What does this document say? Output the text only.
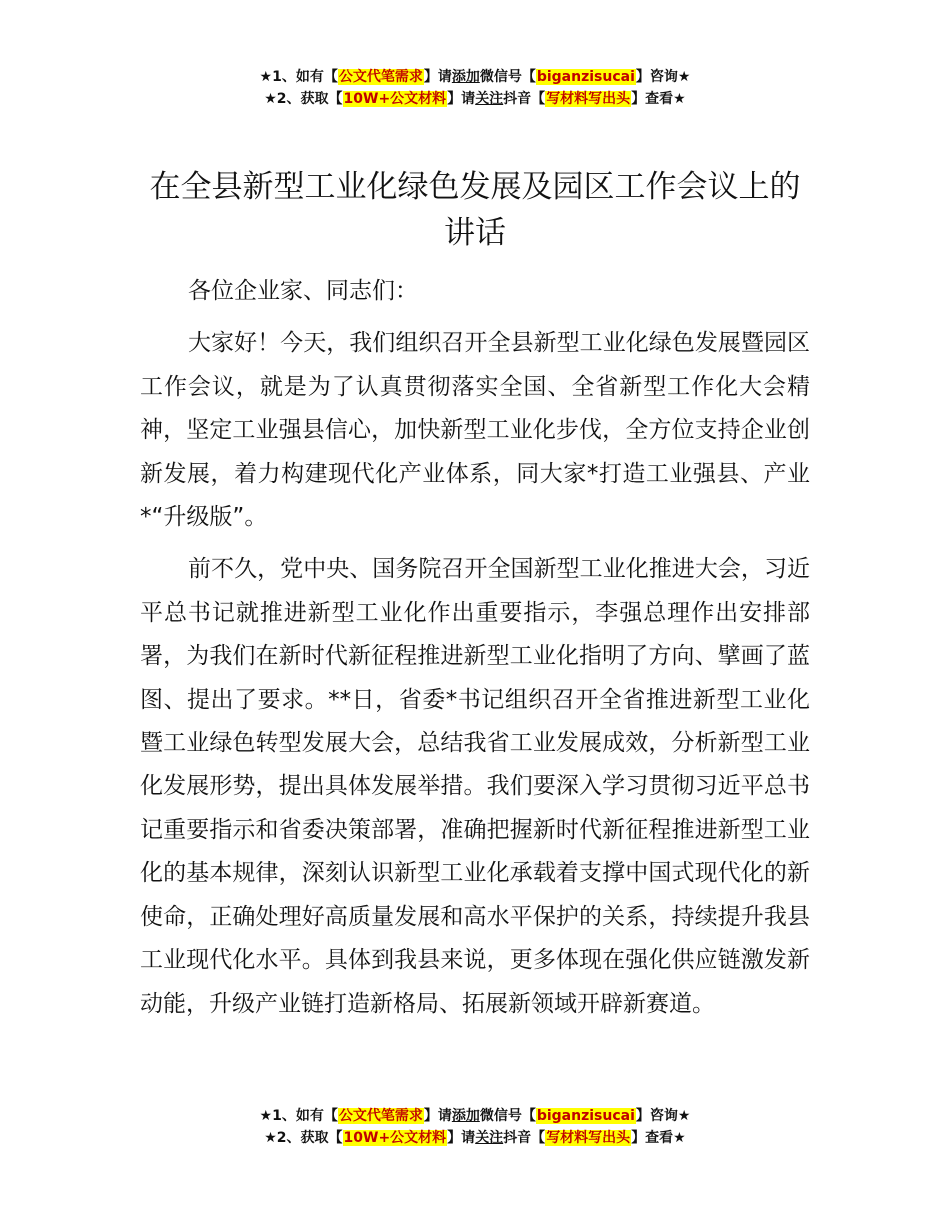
★1、如有【公文代笔需求】请添加微信号【biganzisucai】咨询★
★2、获取【10W+公文材料】请关注抖音【写材料写出头】查看★
在全县新型工业化绿色发展及园区工作会议上的讲话

各位企业家、同志们：

大家好！今天，我们组织召开全县新型工业化绿色发展暨园区工作会议，就是为了认真贯彻落实全国、全省新型工作化大会精神，坚定工业强县信心，加快新型工业化步伐，全方位支持企业创新发展，着力构建现代化产业体系，同大家*打造工业强县、产业*“升级版”。

前不久，党中央、国务院召开全国新型工业化推进大会，习近平总书记就推进新型工业化作出重要指示，李强总理作出安排部署，为我们在新时代新征程推进新型工业化指明了方向、擘画了蓝图、提出了要求。**日，省委*书记组织召开全省推进新型工业化暨工业绿色转型发展大会，总结我省工业发展成效，分析新型工业化发展形势，提出具体发展举措。我们要深入学习贯彻习近平总书记重要指示和省委决策部署，准确把握新时代新征程推进新型工业化的基本规律，深刻认识新型工业化承载着支撑中国式现代化的新使命，正确处理好高质量发展和高水平保护的关系，持续提升我县工业现代化水平。具体到我县来说，更多体现在强化供应链激发新动能，升级产业链打造新格局、拓展新领域开辟新赛道。

★1、如有【公文代笔需求】请添加微信号【biganzisucai】咨询★
★2、获取【10W+公文材料】请关注抖音【写材料写出头】查看★
